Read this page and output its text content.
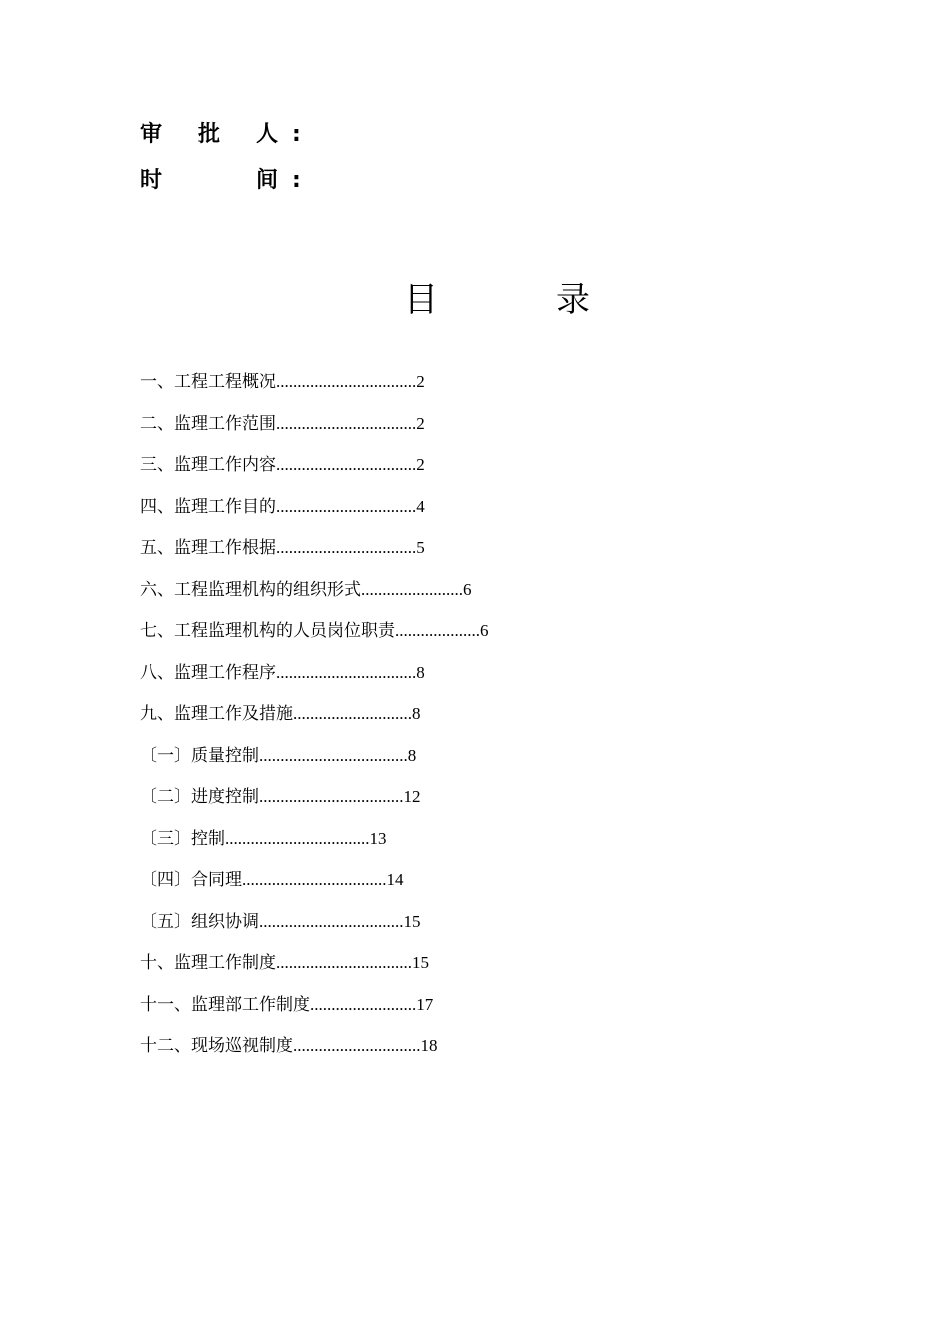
审 批 人 :
时	间 :
目	录
一、工程工程概况.................................2
二、监理工作范围.................................2
三、监理工作内容.................................2
四、监理工作目的.................................4
五、监理工作根据.................................5
六、工程监理机构的组织形式........................6
七、工程监理机构的人员岗位职责....................6
八、监理工作程序.................................8
九、监理工作及措施............................8
〔一〕质量控制...................................8
〔二〕进度控制..................................12
〔三〕控制..................................13
〔四〕合同理..................................14
〔五〕组织协调..................................15
十、监理工作制度................................15
十一、监理部工作制度.........................17
十二、现场巡视制度..............................18
